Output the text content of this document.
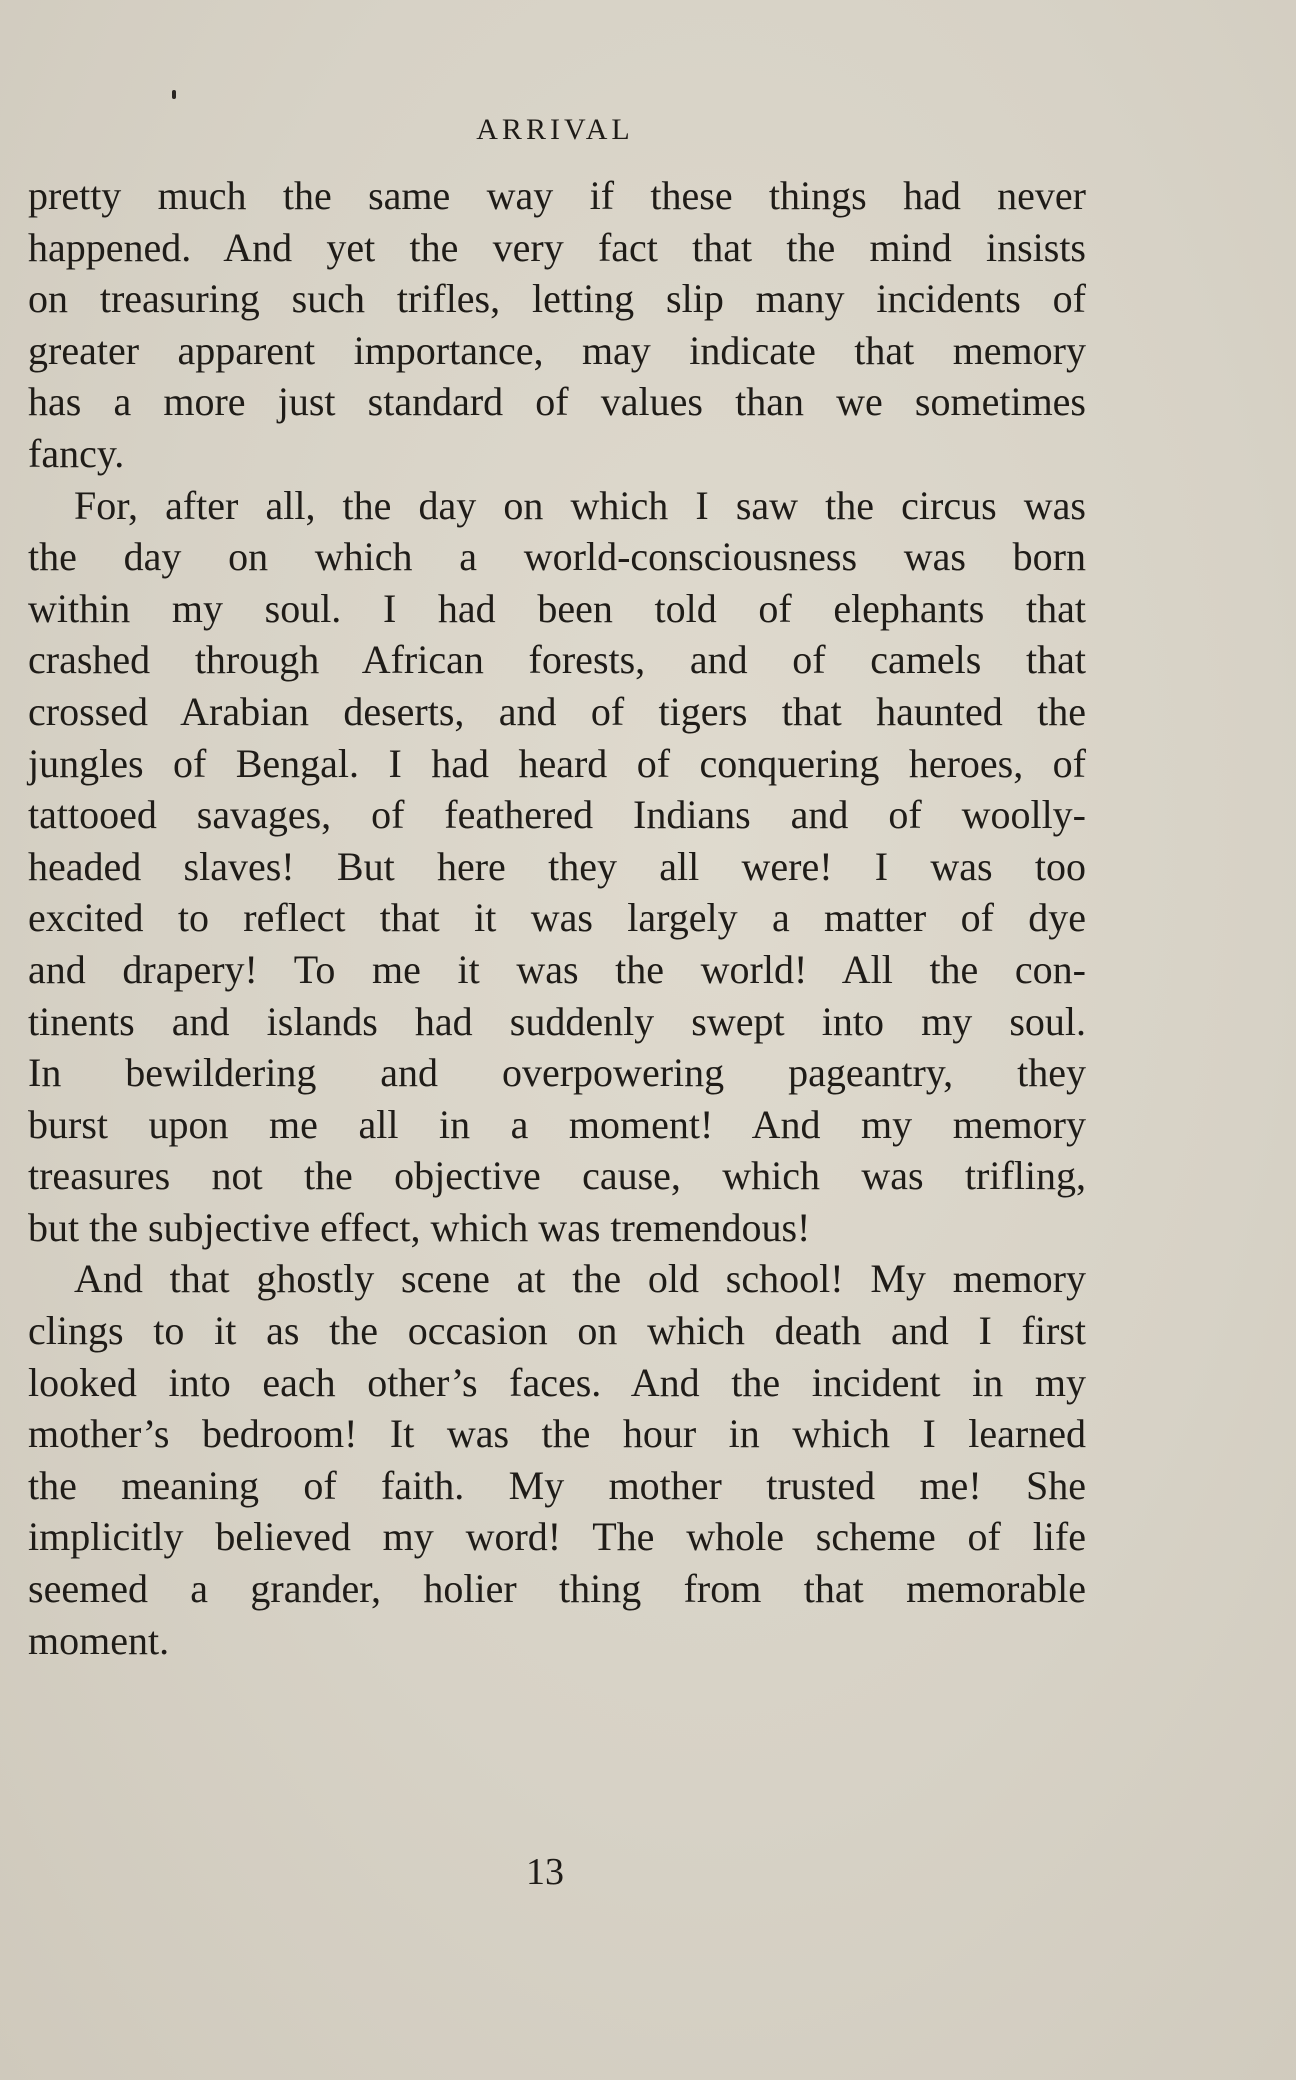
ARRIVAL
pretty much the same way if these things had never
happened. And yet the very fact that the mind insists
on treasuring such trifles, letting slip many incidents of
greater apparent importance, may indicate that memory
has a more just standard of values than we sometimes
fancy.
For, after all, the day on which I saw the circus was
the day on which a world-consciousness was born
within my soul. I had been told of elephants that
crashed through African forests, and of camels that
crossed Arabian deserts, and of tigers that haunted the
jungles of Bengal. I had heard of conquering heroes, of
tattooed savages, of feathered Indians and of woolly-
headed slaves! But here they all were! I was too
excited to reflect that it was largely a matter of dye
and drapery! To me it was the world! All the con-
tinents and islands had suddenly swept into my soul.
In bewildering and overpowering pageantry, they
burst upon me all in a moment! And my memory
treasures not the objective cause, which was trifling,
but the subjective effect, which was tremendous!
And that ghostly scene at the old school! My memory
clings to it as the occasion on which death and I first
looked into each other’s faces. And the incident in my
mother’s bedroom! It was the hour in which I learned
the meaning of faith. My mother trusted me! She
implicitly believed my word! The whole scheme of life
seemed a grander, holier thing from that memorable
moment.
13
